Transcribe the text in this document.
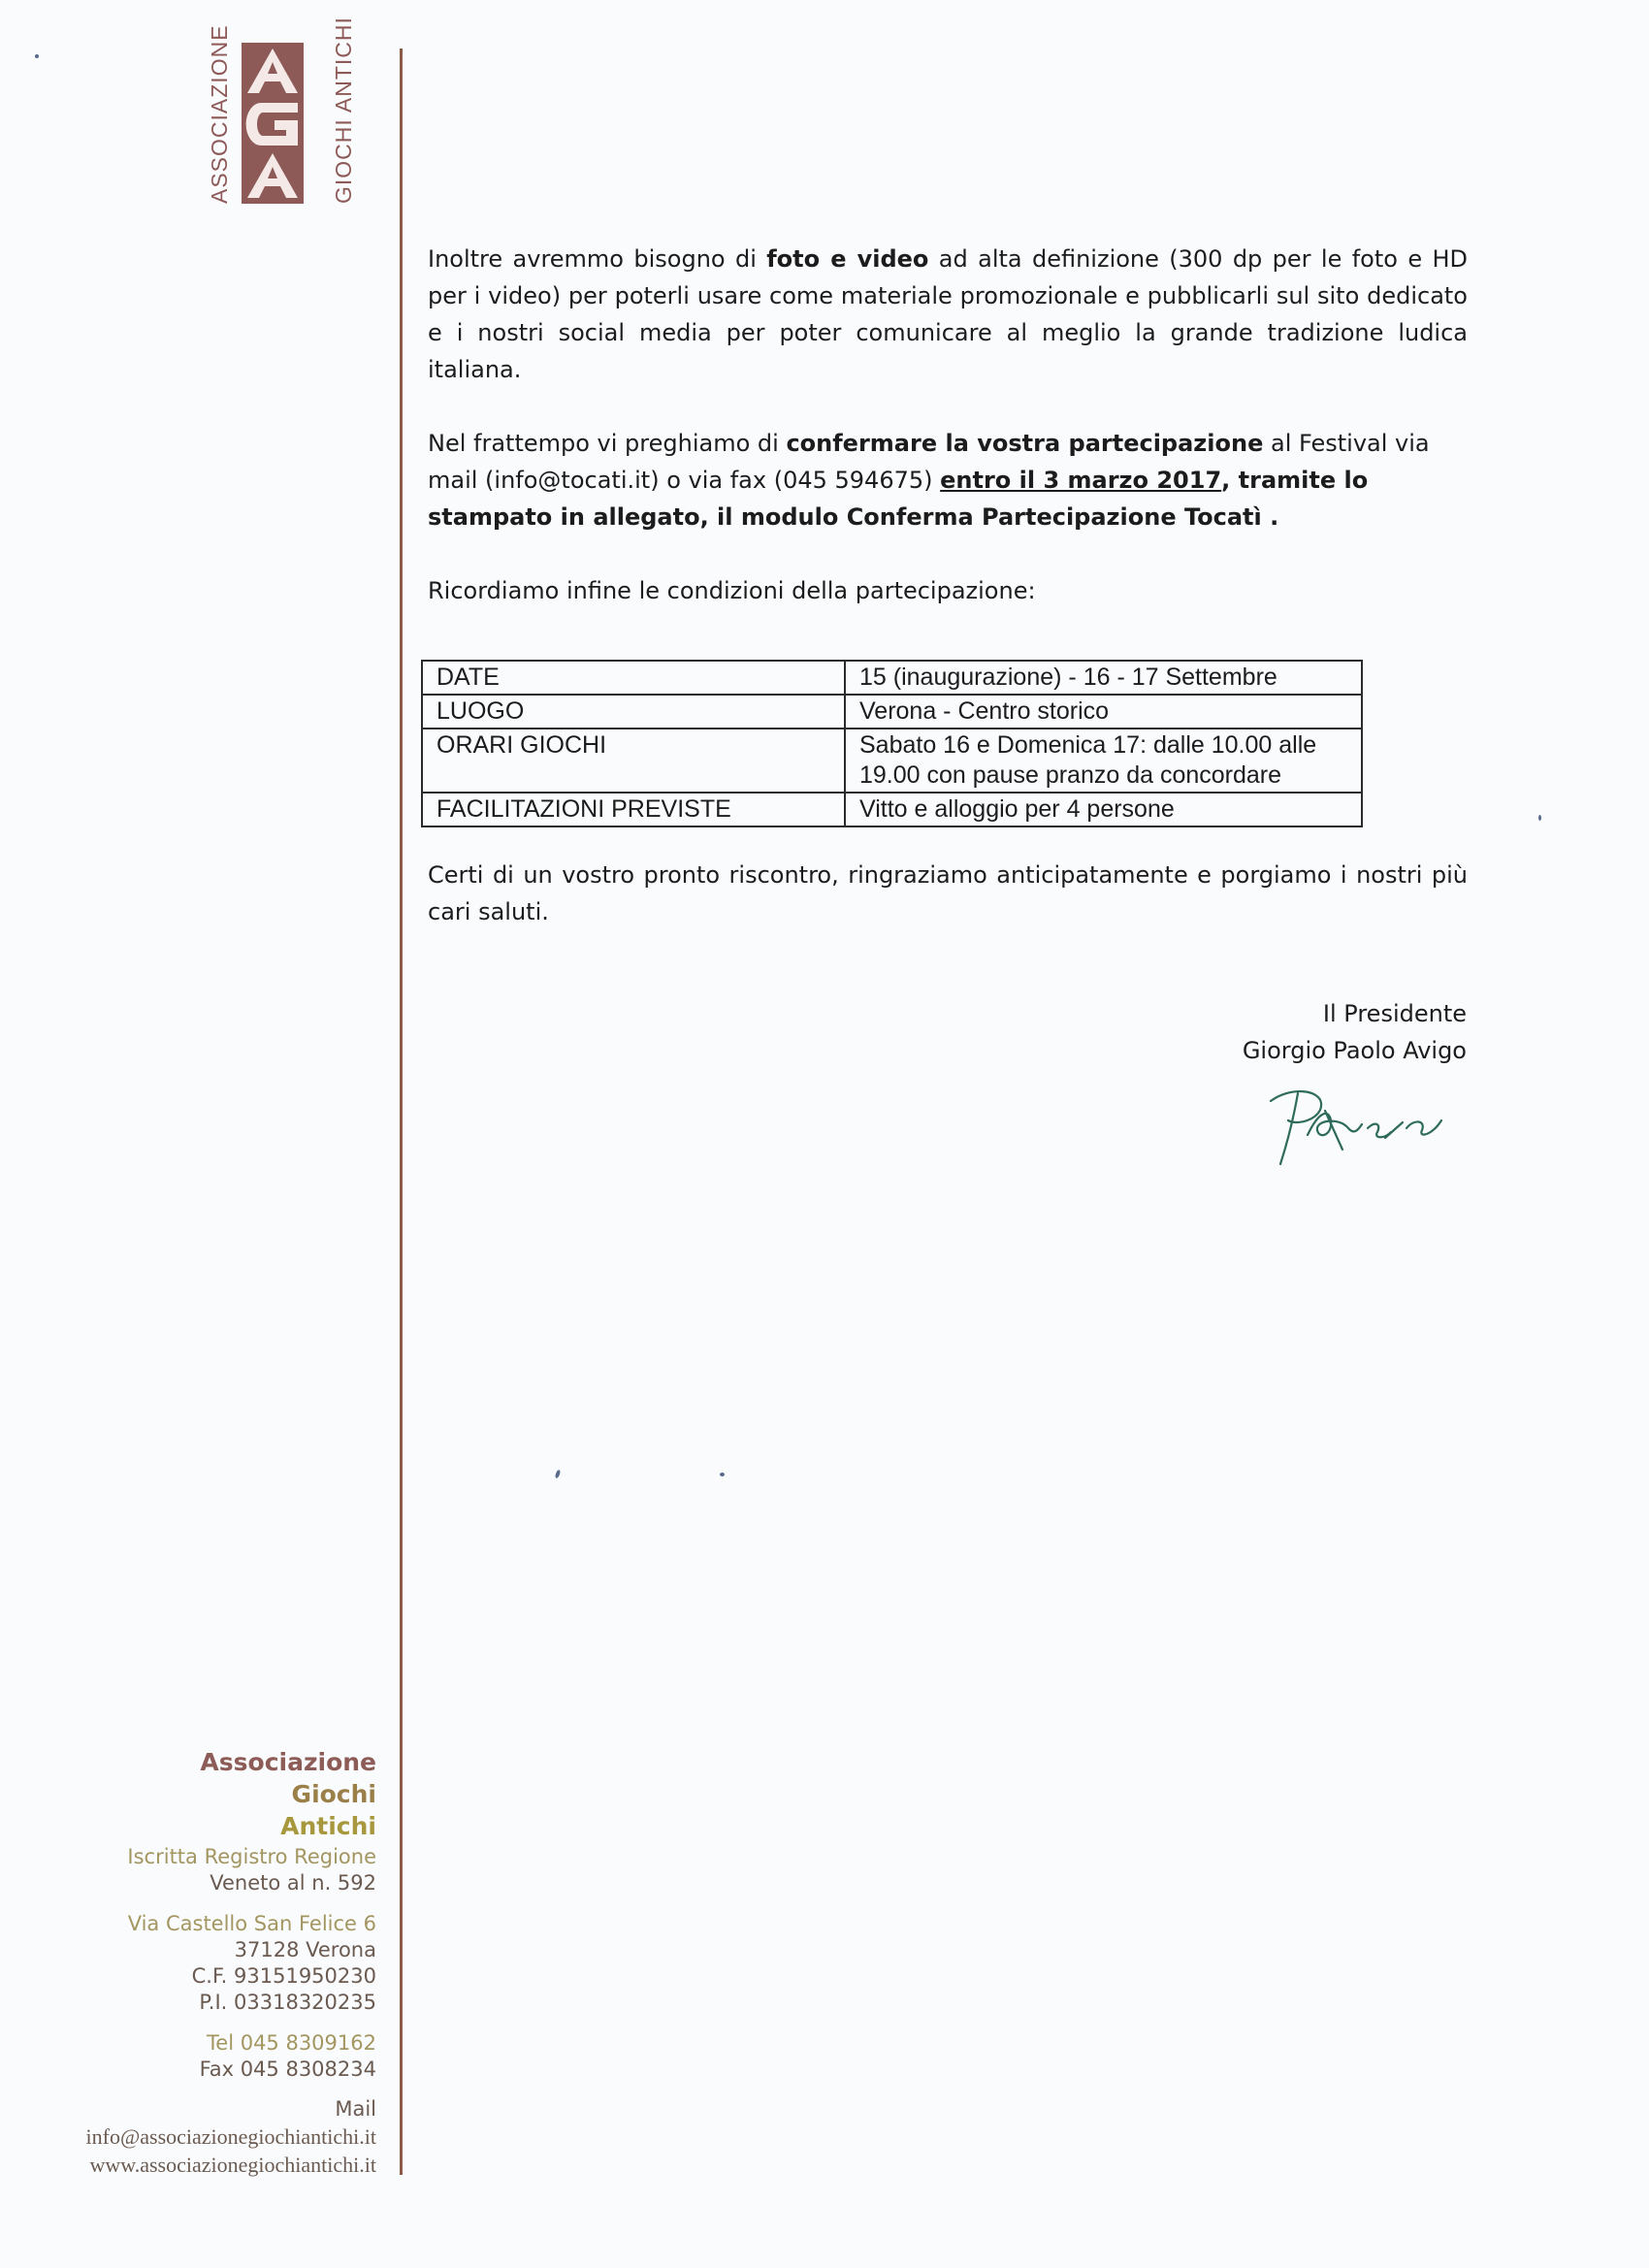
ASSOCIAZIONE	GIOCHI ANTICHI
Associazione
Giochi
Antichi
Iscritta Registro Regione
Veneto al n. 592
Via Castello San Felice 6
37128 Verona
C.F. 93151950230
P.I. 03318320235
Tel 045 8309162
Fax 045 8308234
Mail
info@associazionegiochiantichi.it
www.associazionegiochiantichi.it

Inoltre avremmo bisogno di foto e video ad alta definizione (300 dp per le foto e HD per i video) per poterli usare come materiale promozionale e pubblicarli sul sito dedicato e i nostri social media per poter comunicare al meglio la grande tradizione ludica italiana.

Nel frattempo vi preghiamo di confermare la vostra partecipazione al Festival via mail (info@tocati.it) o via fax (045 594675) entro il 3 marzo 2017, tramite lo stampato in allegato, il modulo Conferma Partecipazione Tocatì .

Ricordiamo infine le condizioni della partecipazione:

DATE	15 (inaugurazione) - 16 - 17 Settembre
LUOGO	Verona - Centro storico
ORARI GIOCHI	Sabato 16 e Domenica 17: dalle 10.00 alle 19.00 con pause pranzo da concordare
FACILITAZIONI PREVISTE	Vitto e alloggio per 4 persone

Certi di un vostro pronto riscontro, ringraziamo anticipatamente e porgiamo i nostri più cari saluti.

Il Presidente
Giorgio Paolo Avigo
